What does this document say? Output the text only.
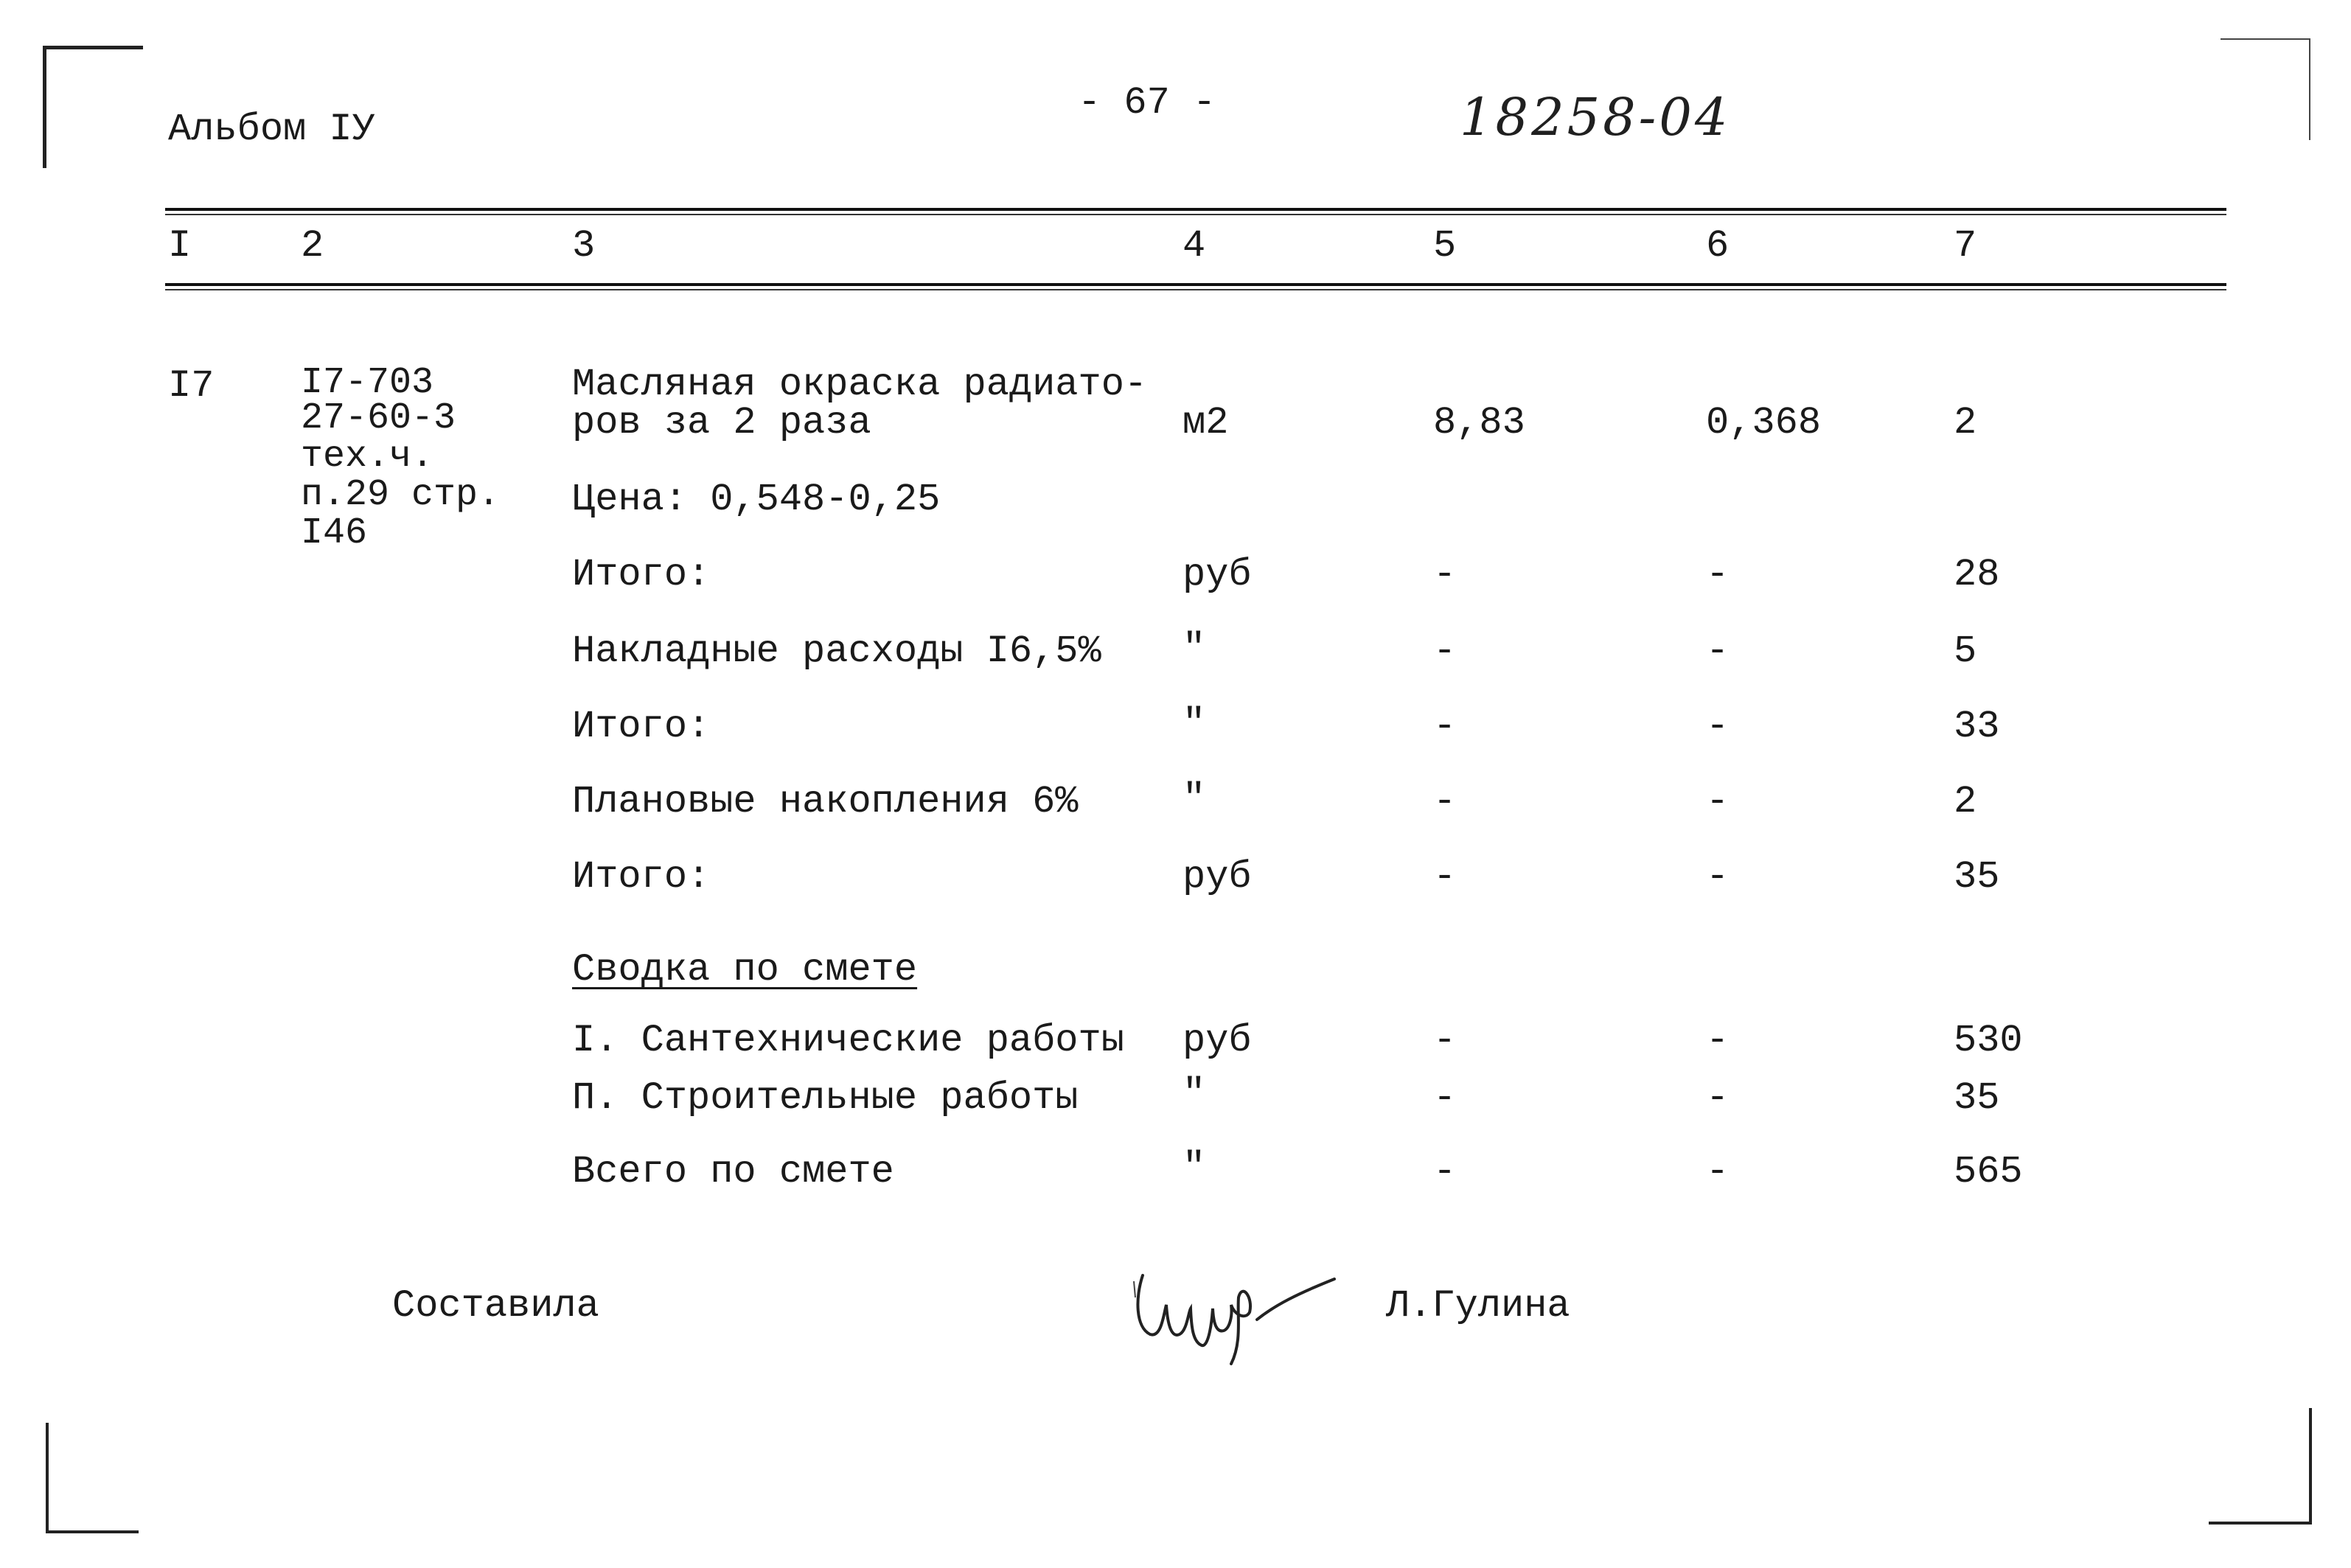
Альбом IУ
- 67 -	18258-04
I	2	3	4	5	6	7
I7 I7-703
27-60-3
тех.ч.
п.29 стр.
I46
Масляная окраска радиато-
ров за 2 раза	м2	8,83	0,368	2
Цена: 0,548-0,25
Итого:	руб	-	-	28
Накладные расходы I6,5% "	-	-	5
Итого:	"	-	-	33
Плановые накопления 6%	"	-	-	2
Итого:	руб	-	-	35
Сводка по смете
I. Сантехнические работы руб	-	-	530
П. Строительные работы	"	-	-	35
Всего по смете	"	-	-	565
Составила	Л.Гулина
